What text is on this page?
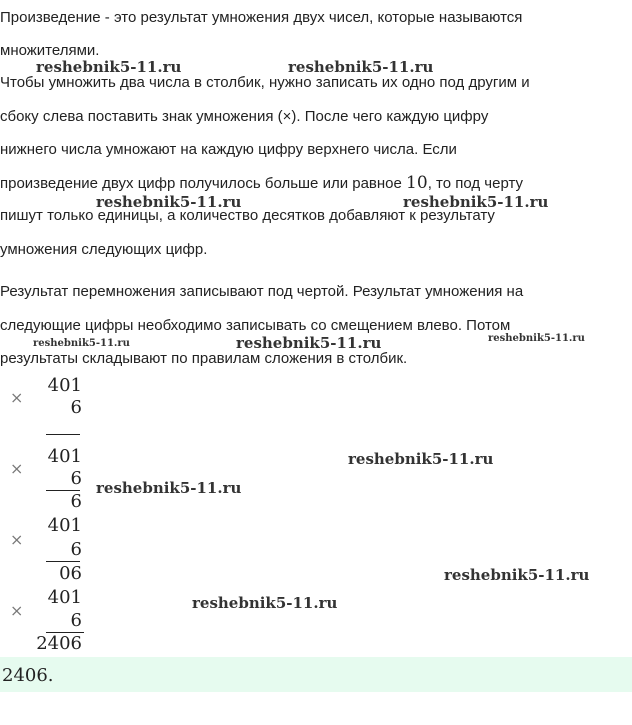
Произведение - это результат умножения двух чисел, которые называются
множителями.
Чтобы умножить два числа в столбик, нужно записать их одно под другим и
сбоку слева поставить знак умножения (×). После чего каждую цифру
нижнего числа умножают на каждую цифру верхнего числа. Если
произведение двух цифр получилось больше или равное 10, то под черту
пишут только единицы, а количество десятков добавляют к результату
умножения следующих цифр.
Результат перемножения записывают под чертой. Результат умножения на
следующие цифры необходимо записывать со смещением влево. Потом
результаты складывают по правилам сложения в столбик.
reshebnik5-11.ru	reshebnik5-11.ru
reshebnik5-11.ru	reshebnik5-11.ru
reshebnik5-11.ru	reshebnik5-11.ru	reshebnik5-11.ru
reshebnik5-11.ru
reshebnik5-11.ru
reshebnik5-11.ru
reshebnik5-11.ru
×
401
6
×
401
6
6
×
401
6
06
×
401
6
2406
2406.
